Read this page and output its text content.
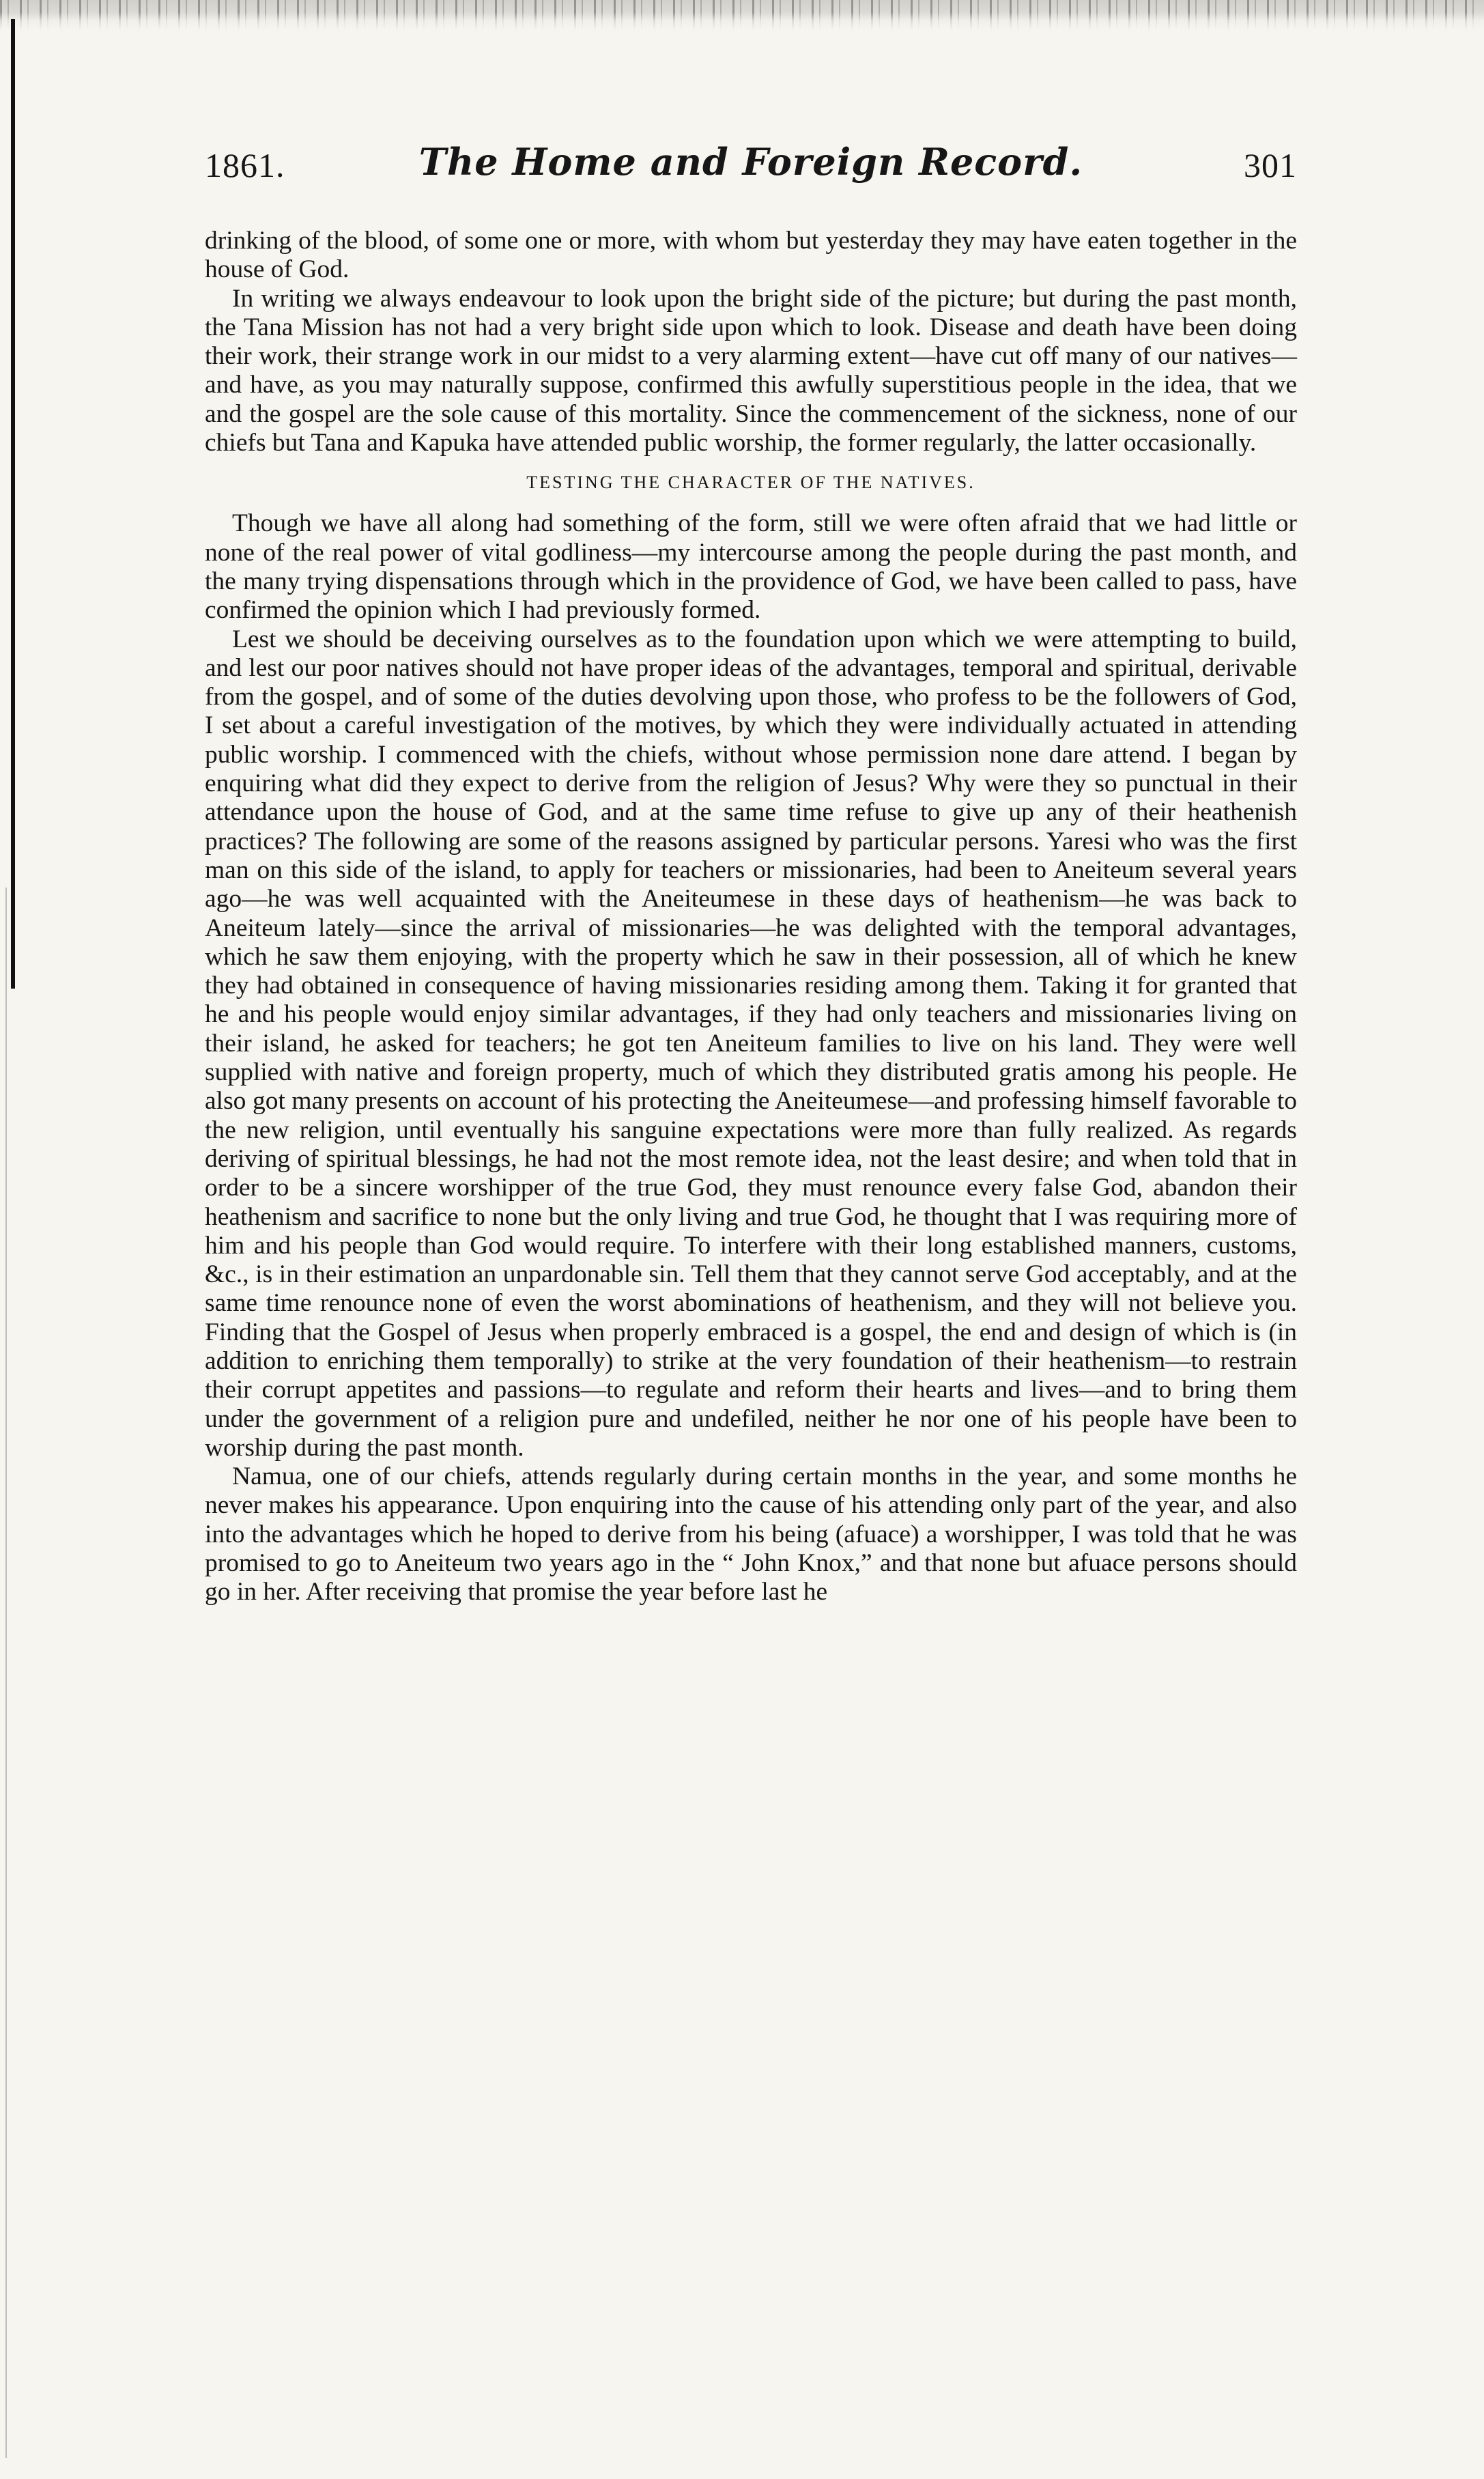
1861.	The Home and Foreign Record.	301

drinking of the blood, of some one or more, with whom but yesterday they may have eaten together in the house of God.

In writing we always endeavour to look upon the bright side of the picture; but during the past month, the Tana Mission has not had a very bright side upon which to look. Disease and death have been doing their work, their strange work in our midst to a very alarming extent—have cut off many of our natives—and have, as you may naturally suppose, confirmed this awfully superstitious people in the idea, that we and the gospel are the sole cause of this mortality. Since the commencement of the sickness, none of our chiefs but Tana and Kapuka have attended public worship, the former regularly, the latter occasionally.

TESTING THE CHARACTER OF THE NATIVES.

Though we have all along had something of the form, still we were often afraid that we had little or none of the real power of vital godliness—my intercourse among the people during the past month, and the many trying dispensations through which in the providence of God, we have been called to pass, have confirmed the opinion which I had previously formed.

Lest we should be deceiving ourselves as to the foundation upon which we were attempting to build, and lest our poor natives should not have proper ideas of the advantages, temporal and spiritual, derivable from the gospel, and of some of the duties devolving upon those, who profess to be the followers of God, I set about a careful investigation of the motives, by which they were individually actuated in attending public worship. I commenced with the chiefs, without whose permission none dare attend. I began by enquiring what did they expect to derive from the religion of Jesus? Why were they so punctual in their attendance upon the house of God, and at the same time refuse to give up any of their heathenish practices? The following are some of the reasons assigned by particular persons. Yaresi who was the first man on this side of the island, to apply for teachers or missionaries, had been to Aneiteum several years ago—he was well acquainted with the Aneiteumese in these days of heathenism—he was back to Aneiteum lately—since the arrival of missionaries—he was delighted with the temporal advantages, which he saw them enjoying, with the property which he saw in their possession, all of which he knew they had obtained in consequence of having missionaries residing among them. Taking it for granted that he and his people would enjoy similar advantages, if they had only teachers and missionaries living on their island, he asked for teachers; he got ten Aneiteum families to live on his land. They were well supplied with native and foreign property, much of which they distributed gratis among his people. He also got many presents on account of his protecting the Aneiteumese—and professing himself favorable to the new religion, until eventually his sanguine expectations were more than fully realized. As regards deriving of spiritual blessings, he had not the most remote idea, not the least desire; and when told that in order to be a sincere worshipper of the true God, they must renounce every false God, abandon their heathenism and sacrifice to none but the only living and true God, he thought that I was requiring more of him and his people than God would require. To interfere with their long established manners, customs, &c., is in their estimation an unpardonable sin. Tell them that they cannot serve God acceptably, and at the same time renounce none of even the worst abominations of heathenism, and they will not believe you. Finding that the Gospel of Jesus when properly embraced is a gospel, the end and design of which is (in addition to enriching them temporally) to strike at the very foundation of their heathenism—to restrain their corrupt appetites and passions—to regulate and reform their hearts and lives—and to bring them under the government of a religion pure and undefiled, neither he nor one of his people have been to worship during the past month.

Namua, one of our chiefs, attends regularly during certain months in the year, and some months he never makes his appearance. Upon enquiring into the cause of his attending only part of the year, and also into the advantages which he hoped to derive from his being (afuace) a worshipper, I was told that he was promised to go to Aneiteum two years ago in the “ John Knox,” and that none but afuace persons should go in her. After receiving that promise the year before last he
